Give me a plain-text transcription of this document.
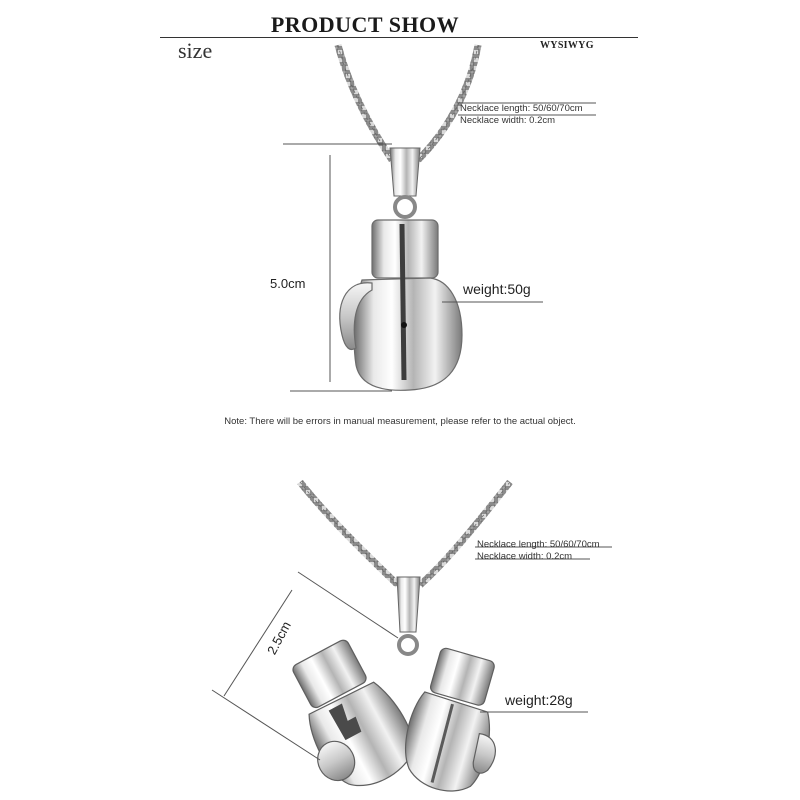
PRODUCT SHOW
size	WYSIWYG
Necklace length: 50/60/70cm
Necklace width: 0.2cm
5.0cm	weight:50g
Note: There will be errors in manual measurement, please refer to the actual object.
Necklace length: 50/60/70cm
Necklace width: 0.2cm
2.5cm
weight:28g
